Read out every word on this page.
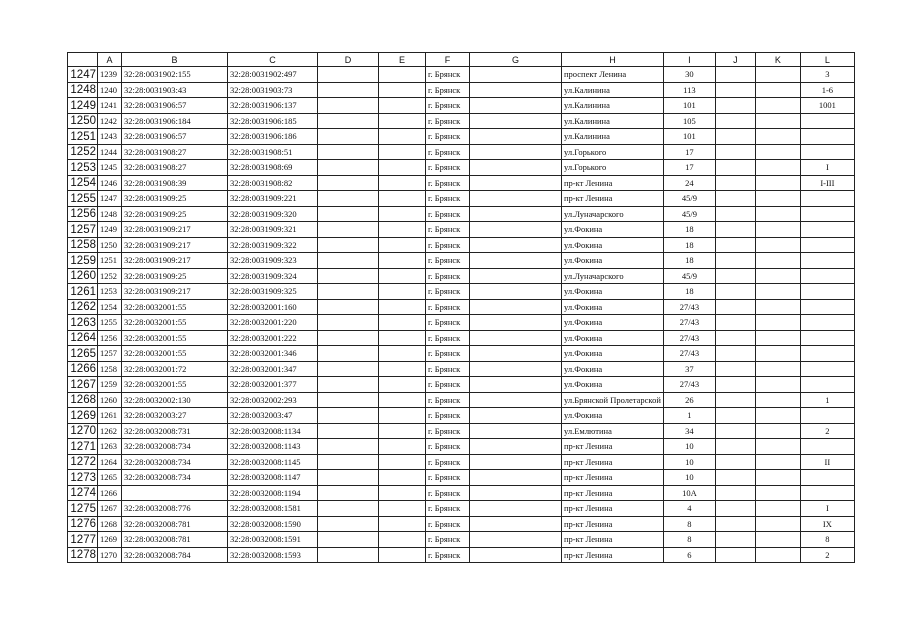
	A	B	C	D	E	F	G	H	I	J	K	L
1247	1239	32:28:0031902:155	32:28:0031902:497			г. Брянск		проспект Ленина	30			3
1248	1240	32:28:0031903:43	32:28:0031903:73			г. Брянск		ул.Калинина	113			1-6
1249	1241	32:28:0031906:57	32:28:0031906:137			г. Брянск		ул.Калинина	101			1001
1250	1242	32:28:0031906:184	32:28:0031906:185			г. Брянск		ул.Калинина	105			
1251	1243	32:28:0031906:57	32:28:0031906:186			г. Брянск		ул.Калинина	101			
1252	1244	32:28:0031908:27	32:28:0031908:51			г. Брянск		ул.Горького	17			
1253	1245	32:28:0031908:27	32:28:0031908:69			г. Брянск		ул.Горького	17			I
1254	1246	32:28:0031908:39	32:28:0031908:82			г. Брянск		пр-кт Ленина	24			I-III
1255	1247	32:28:0031909:25	32:28:0031909:221			г. Брянск		пр-кт Ленина	45/9			
1256	1248	32:28:0031909:25	32:28:0031909:320			г. Брянск		ул.Луначарского	45/9			
1257	1249	32:28:0031909:217	32:28:0031909:321			г. Брянск		ул.Фокина	18			
1258	1250	32:28:0031909:217	32:28:0031909:322			г. Брянск		ул.Фокина	18			
1259	1251	32:28:0031909:217	32:28:0031909:323			г. Брянск		ул.Фокина	18			
1260	1252	32:28:0031909:25	32:28:0031909:324			г. Брянск		ул.Луначарского	45/9			
1261	1253	32:28:0031909:217	32:28:0031909:325			г. Брянск		ул.Фокина	18			
1262	1254	32:28:0032001:55	32:28:0032001:160			г. Брянск		ул.Фокина	27/43			
1263	1255	32:28:0032001:55	32:28:0032001:220			г. Брянск		ул.Фокина	27/43			
1264	1256	32:28:0032001:55	32:28:0032001:222			г. Брянск		ул.Фокина	27/43			
1265	1257	32:28:0032001:55	32:28:0032001:346			г. Брянск		ул.Фокина	27/43			
1266	1258	32:28:0032001:72	32:28:0032001:347			г. Брянск		ул.Фокина	37			
1267	1259	32:28:0032001:55	32:28:0032001:377			г. Брянск		ул.Фокина	27/43			
1268	1260	32:28:0032002:130	32:28:0032002:293			г. Брянск		ул.Брянской Пролетарской	26			1
1269	1261	32:28:0032003:27	32:28:0032003:47			г. Брянск		ул.Фокина	1			
1270	1262	32:28:0032008:731	32:28:0032008:1134			г. Брянск		ул.Емлютина	34			2
1271	1263	32:28:0032008:734	32:28:0032008:1143			г. Брянск		пр-кт Ленина	10			
1272	1264	32:28:0032008:734	32:28:0032008:1145			г. Брянск		пр-кт Ленина	10			II
1273	1265	32:28:0032008:734	32:28:0032008:1147			г. Брянск		пр-кт Ленина	10			
1274	1266		32:28:0032008:1194			г. Брянск		пр-кт Ленина	10А			
1275	1267	32:28:0032008:776	32:28:0032008:1581			г. Брянск		пр-кт Ленина	4			I
1276	1268	32:28:0032008:781	32:28:0032008:1590			г. Брянск		пр-кт Ленина	8			IX
1277	1269	32:28:0032008:781	32:28:0032008:1591			г. Брянск		пр-кт Ленина	8			8
1278	1270	32:28:0032008:784	32:28:0032008:1593			г. Брянск		пр-кт Ленина	6			2
